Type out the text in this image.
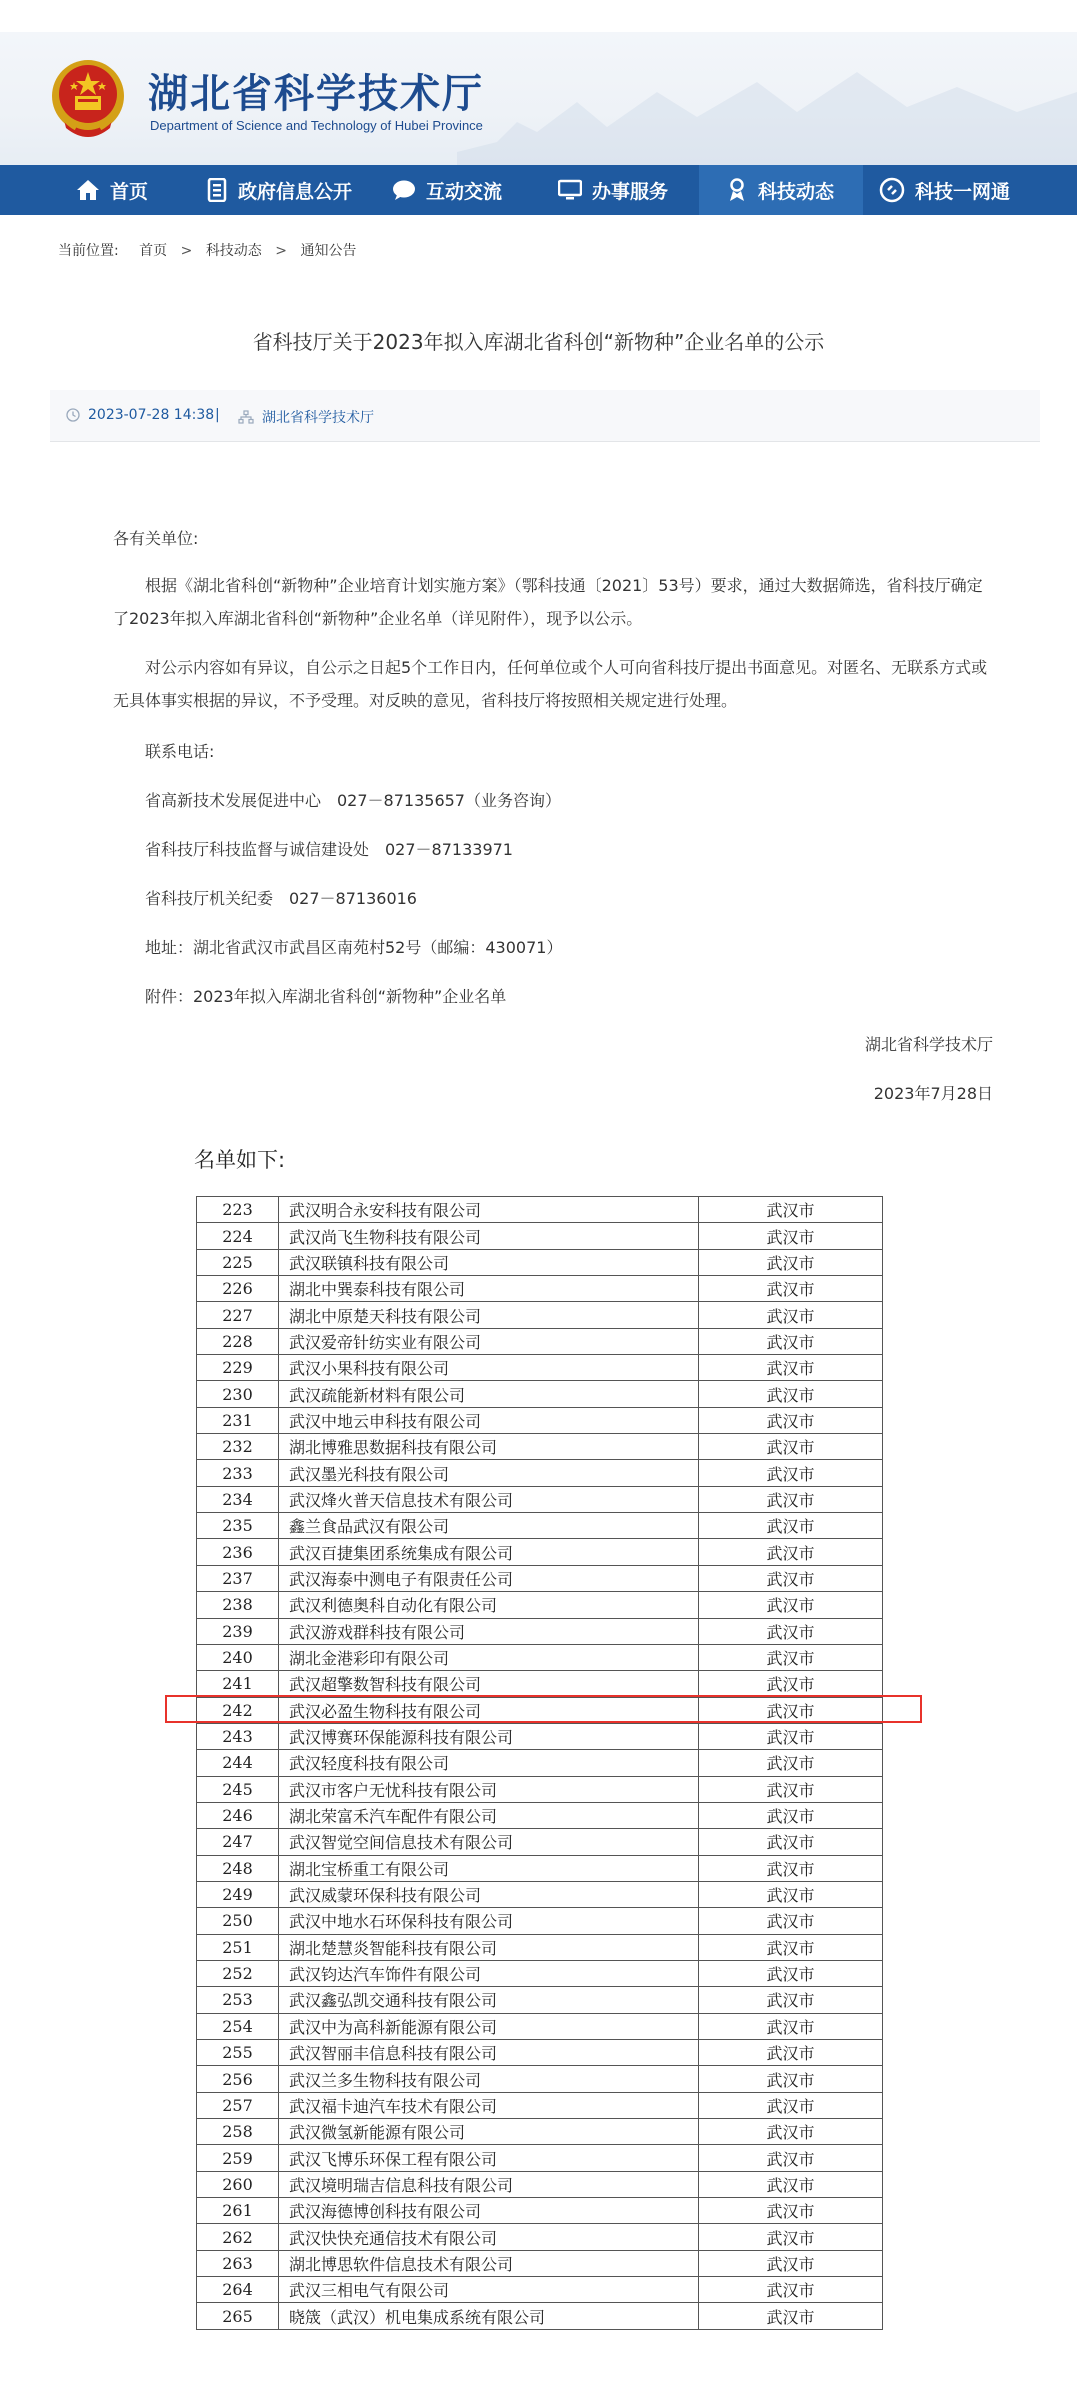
湖北省科学技术厅
Department of Science and Technology of Hubei Province
首页	政府信息公开	互动交流	办事服务	科技动态	科技一网通
当前位置: 首页 > 科技动态 > 通知公告
省科技厅关于2023年拟入库湖北省科创“新物种”企业名单的公示
2023-07-28 14:38 |	湖北省科学技术厅
各有关单位:
根据《湖北省科创“新物种”企业培育计划实施方案》（鄂科技通〔2021〕53号）要求，通过大数据筛选，省科技厅确定了2023年拟入库湖北省科创“新物种”企业名单（详见附件），现予以公示。
对公示内容如有异议，自公示之日起5个工作日内，任何单位或个人可向省科技厅提出书面意见。对匿名、无联系方式或无具体事实根据的异议，不予受理。对反映的意见，省科技厅将按照相关规定进行处理。
联系电话:
省高新技术发展促进中心　027－87135657（业务咨询）
省科技厅科技监督与诚信建设处　027－87133971
省科技厅机关纪委　027－87136016
地址：湖北省武汉市武昌区南苑村52号（邮编：430071）
附件：2023年拟入库湖北省科创“新物种”企业名单
湖北省科学技术厅
2023年7月28日
名单如下:
223	武汉明合永安科技有限公司	武汉市
224	武汉尚飞生物科技有限公司	武汉市
225	武汉联镇科技有限公司	武汉市
226	湖北中巽泰科技有限公司	武汉市
227	湖北中原楚天科技有限公司	武汉市
228	武汉爱帝针纺实业有限公司	武汉市
229	武汉小果科技有限公司	武汉市
230	武汉疏能新材料有限公司	武汉市
231	武汉中地云申科技有限公司	武汉市
232	湖北博雅思数据科技有限公司	武汉市
233	武汉墨光科技有限公司	武汉市
234	武汉烽火普天信息技术有限公司	武汉市
235	鑫兰食品武汉有限公司	武汉市
236	武汉百捷集团系统集成有限公司	武汉市
237	武汉海泰中测电子有限责任公司	武汉市
238	武汉利德奥科自动化有限公司	武汉市
239	武汉游戏群科技有限公司	武汉市
240	湖北金港彩印有限公司	武汉市
241	武汉超擎数智科技有限公司	武汉市
242	武汉必盈生物科技有限公司	武汉市
243	武汉博赛环保能源科技有限公司	武汉市
244	武汉轻度科技有限公司	武汉市
245	武汉市客户无忧科技有限公司	武汉市
246	湖北荣富禾汽车配件有限公司	武汉市
247	武汉智觉空间信息技术有限公司	武汉市
248	湖北宝桥重工有限公司	武汉市
249	武汉威蒙环保科技有限公司	武汉市
250	武汉中地水石环保科技有限公司	武汉市
251	湖北楚慧炎智能科技有限公司	武汉市
252	武汉钧达汽车饰件有限公司	武汉市
253	武汉鑫弘凯交通科技有限公司	武汉市
254	武汉中为高科新能源有限公司	武汉市
255	武汉智丽丰信息科技有限公司	武汉市
256	武汉兰多生物科技有限公司	武汉市
257	武汉福卡迪汽车技术有限公司	武汉市
258	武汉微氢新能源有限公司	武汉市
259	武汉飞博乐环保工程有限公司	武汉市
260	武汉境明瑞吉信息科技有限公司	武汉市
261	武汉海德博创科技有限公司	武汉市
262	武汉快快充通信技术有限公司	武汉市
263	湖北博思软件信息技术有限公司	武汉市
264	武汉三相电气有限公司	武汉市
265	晓筬（武汉）机电集成系统有限公司	武汉市
